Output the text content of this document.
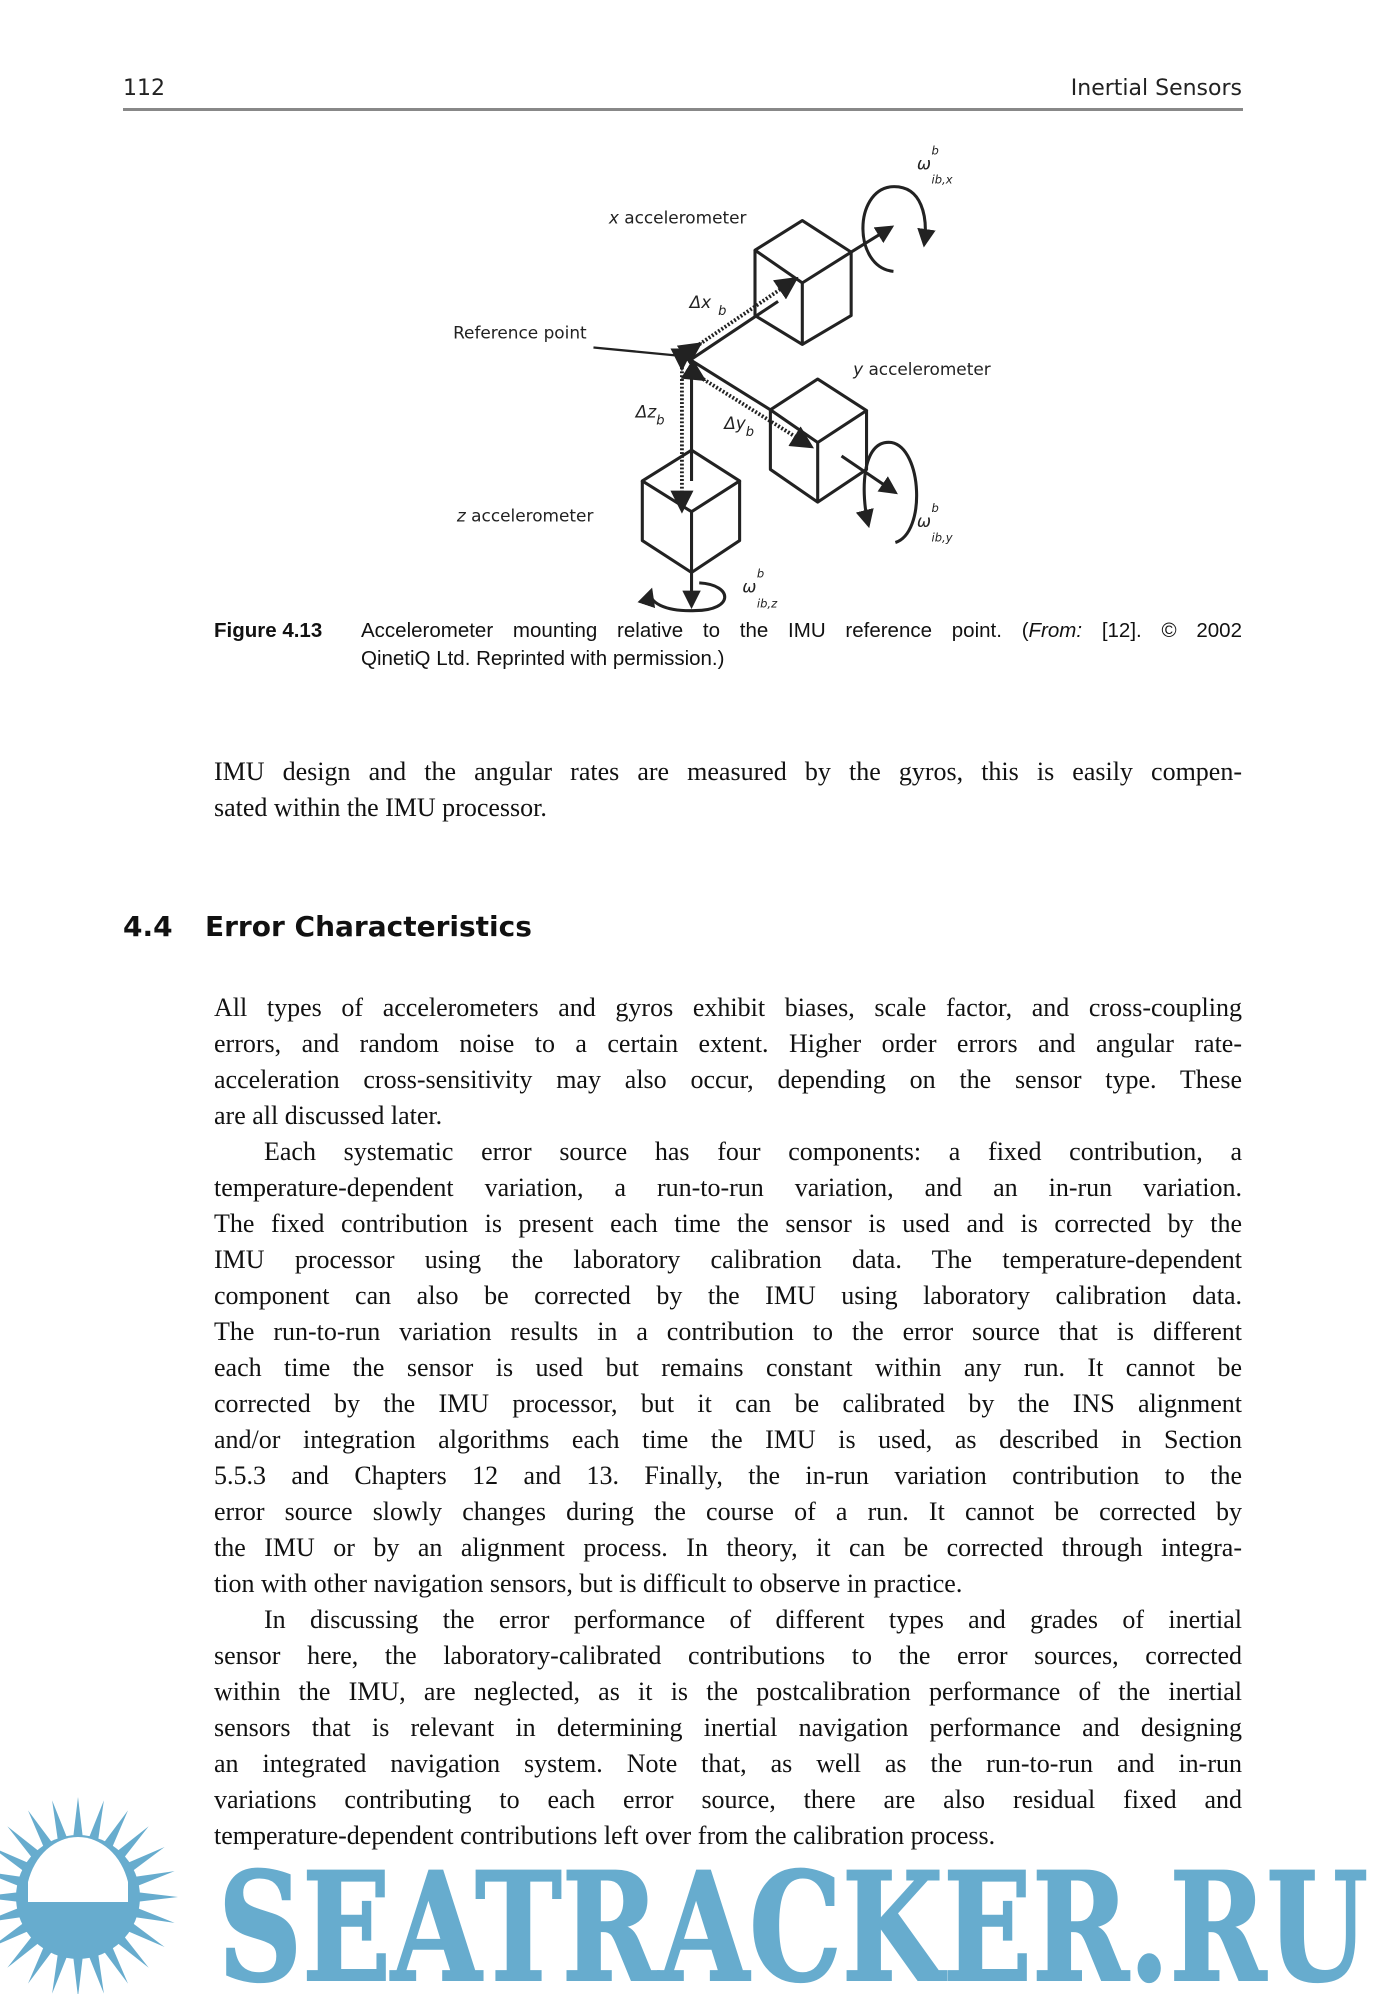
112	Inertial Sensors
x accelerometer
Reference point
y accelerometer
z accelerometer
Δx $_b$
$\Delta y_b$
$\Delta z_b$
ω
b
ib,x
ω
b
ib,y
ω
b
ib,z
Figure 4.13 Accelerometer mounting relative to the IMU reference point. (From: [12]. © 2002
QinetiQ Ltd. Reprinted with permission.)
IMU design and the angular rates are measured by the gyros, this is easily compen-
sated within the IMU processor.
4.4 Error Characteristics
All types of accelerometers and gyros exhibit biases, scale factor, and cross-coupling
errors, and random noise to a certain extent. Higher order errors and angular rate-
acceleration cross-sensitivity may also occur, depending on the sensor type. These
are all discussed later.
Each systematic error source has four components: a fixed contribution, a
temperature-dependent variation, a run-to-run variation, and an in-run variation.
The fixed contribution is present each time the sensor is used and is corrected by the
IMU processor using the laboratory calibration data. The temperature-dependent
component can also be corrected by the IMU using laboratory calibration data.
The run-to-run variation results in a contribution to the error source that is different
each time the sensor is used but remains constant within any run. It cannot be
corrected by the IMU processor, but it can be calibrated by the INS alignment
and/or integration algorithms each time the IMU is used, as described in Section
5.5.3 and Chapters 12 and 13. Finally, the in-run variation contribution to the
error source slowly changes during the course of a run. It cannot be corrected by
the IMU or by an alignment process. In theory, it can be corrected through integra-
tion with other navigation sensors, but is difficult to observe in practice.
In discussing the error performance of different types and grades of inertial
sensor here, the laboratory-calibrated contributions to the error sources, corrected
within the IMU, are neglected, as it is the postcalibration performance of the inertial
sensors that is relevant in determining inertial navigation performance and designing
an integrated navigation system. Note that, as well as the run-to-run and in-run
variations contributing to each error source, there are also residual fixed and
temperature-dependent contributions left over from the calibration process.
SEATRACKER.RU
